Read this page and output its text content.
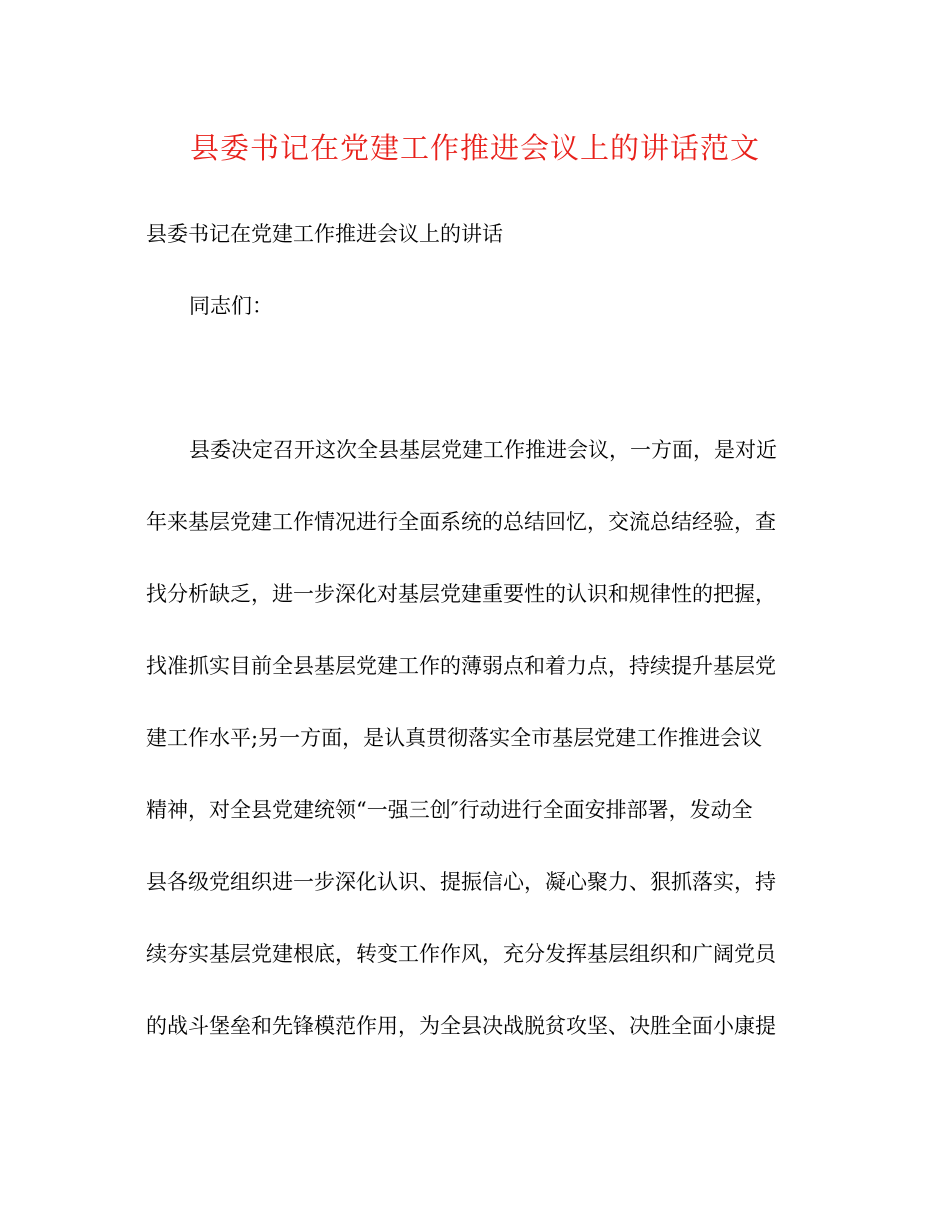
县委书记在党建工作推进会议上的讲话范文

县委书记在党建工作推进会议上的讲话

同志们：

县委决定召开这次全县基层党建工作推进会议，一方面，是对近

年来基层党建工作情况进行全面系统的总结回忆，交流总结经验，查

找分析缺乏，进一步深化对基层党建重要性的认识和规律性的把握，

找准抓实目前全县基层党建工作的薄弱点和着力点，持续提升基层党

建工作水平;另一方面，是认真贯彻落实全市基层党建工作推进会议

精神，对全县党建统领“一强三创″行动进行全面安排部署，发动全

县各级党组织进一步深化认识、提振信心，凝心聚力、狠抓落实，持

续夯实基层党建根底，转变工作作风，充分发挥基层组织和广阔党员

的战斗堡垒和先锋模范作用，为全县决战脱贫攻坚、决胜全面小康提
